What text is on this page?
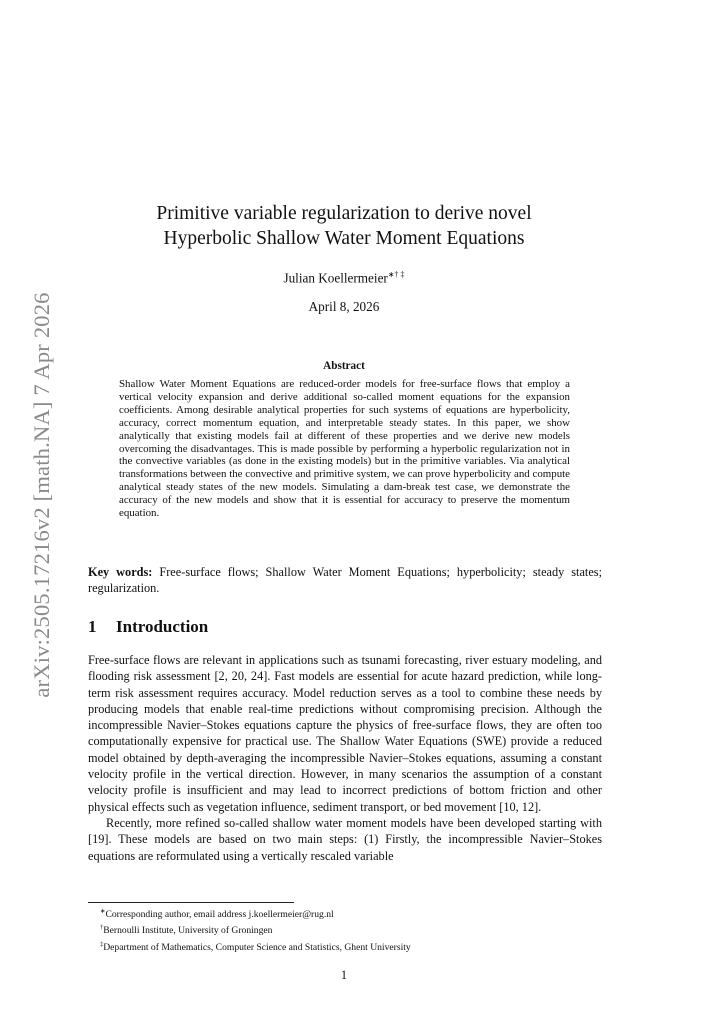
arXiv:2505.17216v2 [math.NA] 7 Apr 2026
Primitive variable regularization to derive novel
Hyperbolic Shallow Water Moment Equations
Julian Koellermeier∗† ‡
April 8, 2026
Abstract
Shallow Water Moment Equations are reduced-order models for free-surface flows that employ a vertical velocity expansion and derive additional so-called moment equations for the expansion coefficients. Among desirable analytical properties for such systems of equations are hyperbolicity, accuracy, correct momentum equation, and interpretable steady states. In this paper, we show analytically that existing models fail at different of these properties and we derive new models overcoming the disadvantages. This is made possible by performing a hyperbolic regularization not in the convective variables (as done in the existing models) but in the primitive variables. Via analytical transformations between the convective and primitive system, we can prove hyperbolicity and compute analytical steady states of the new models. Simulating a dam-break test case, we demonstrate the accuracy of the new models and show that it is essential for accuracy to preserve the momentum equation.
Key words: Free-surface flows; Shallow Water Moment Equations; hyperbolicity; steady states; regularization.
1 Introduction

Free-surface flows are relevant in applications such as tsunami forecasting, river estuary modeling, and flooding risk assessment [2, 20, 24]. Fast models are essential for acute hazard prediction, while long-term risk assessment requires accuracy. Model reduction serves as a tool to combine these needs by producing models that enable real-time predictions without compromising precision. Although the incompressible Navier–Stokes equations capture the physics of free-surface flows, they are often too computationally expensive for practical use. The Shallow Water Equations (SWE) provide a reduced model obtained by depth-averaging the incompressible Navier–Stokes equations, assuming a constant velocity profile in the vertical direction. However, in many scenarios the assumption of a constant velocity profile is insufficient and may lead to incorrect predictions of bottom friction and other physical effects such as vegetation influence, sediment transport, or bed movement [10, 12].

Recently, more refined so-called shallow water moment models have been developed starting with [19]. These models are based on two main steps: (1) Firstly, the incompressible Navier–Stokes equations are reformulated using a vertically rescaled variable

∗Corresponding author, email address j.koellermeier@rug.nl
†Bernoulli Institute, University of Groningen
‡Department of Mathematics, Computer Science and Statistics, Ghent University
1
